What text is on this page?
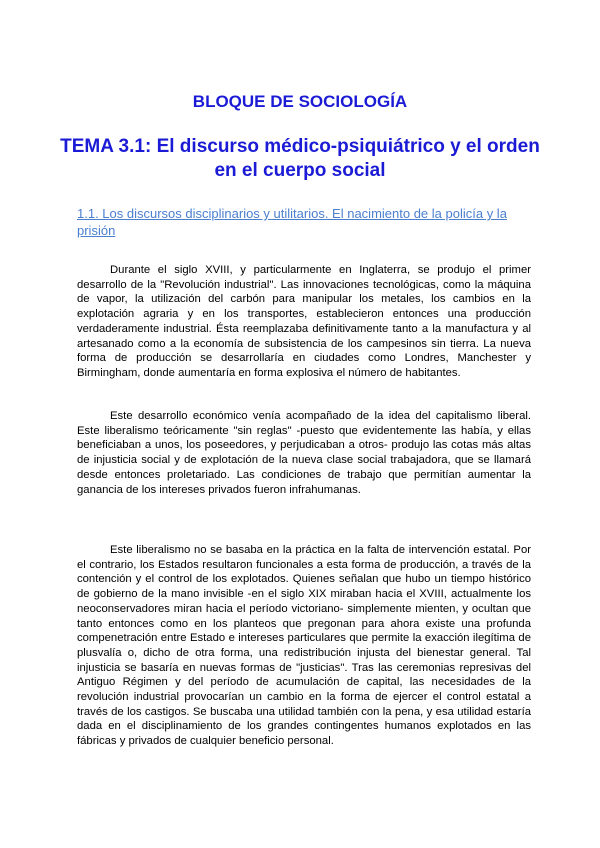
BLOQUE DE SOCIOLOGÍA
TEMA 3.1: El discurso médico-psiquiátrico y el orden en el cuerpo social
1.1. Los discursos disciplinarios y utilitarios. El nacimiento de la policía y la prisión

Durante el siglo XVIII, y particularmente en Inglaterra, se produjo el primer desarrollo de la "Revolución industrial". Las innovaciones tecnológicas, como la máquina de vapor, la utilización del carbón para manipular los metales, los cambios en la explotación agraria y en los transportes, establecieron entonces una producción verdaderamente industrial. Ésta reemplazaba definitivamente tanto a la manufactura y al artesanado como a la economía de subsistencia de los campesinos sin tierra. La nueva forma de producción se desarrollaría en ciudades como Londres, Manchester y Birmingham, donde aumentaría en forma explosiva el número de habitantes.

Este desarrollo económico venía acompañado de la idea del capitalismo liberal. Este liberalismo teóricamente "sin reglas" -puesto que evidentemente las había, y ellas beneficiaban a unos, los poseedores, y perjudicaban a otros- produjo las cotas más altas de injusticia social y de explotación de la nueva clase social trabajadora, que se llamará desde entonces proletariado. Las condiciones de trabajo que permitían aumentar la ganancia de los intereses privados fueron infrahumanas.

Este liberalismo no se basaba en la práctica en la falta de intervención estatal. Por el contrario, los Estados resultaron funcionales a esta forma de producción, a través de la contención y el control de los explotados. Quienes señalan que hubo un tiempo histórico de gobierno de la mano invisible -en el siglo XIX miraban hacia el XVIII, actualmente los neoconservadores miran hacia el período victoriano- simplemente mienten, y ocultan que tanto entonces como en los planteos que pregonan para ahora existe una profunda compenetración entre Estado e intereses particulares que permite la exacción ilegítima de plusvalía o, dicho de otra forma, una redistribución injusta del bienestar general. Tal injusticia se basaría en nuevas formas de "justicias". Tras las ceremonias represivas del Antiguo Régimen y del período de acumulación de capital, las necesidades de la revolución industrial provocarían un cambio en la forma de ejercer el control estatal a través de los castigos. Se buscaba una utilidad también con la pena, y esa utilidad estaría dada en el disciplinamiento de los grandes contingentes humanos explotados en las fábricas y privados de cualquier beneficio personal.
